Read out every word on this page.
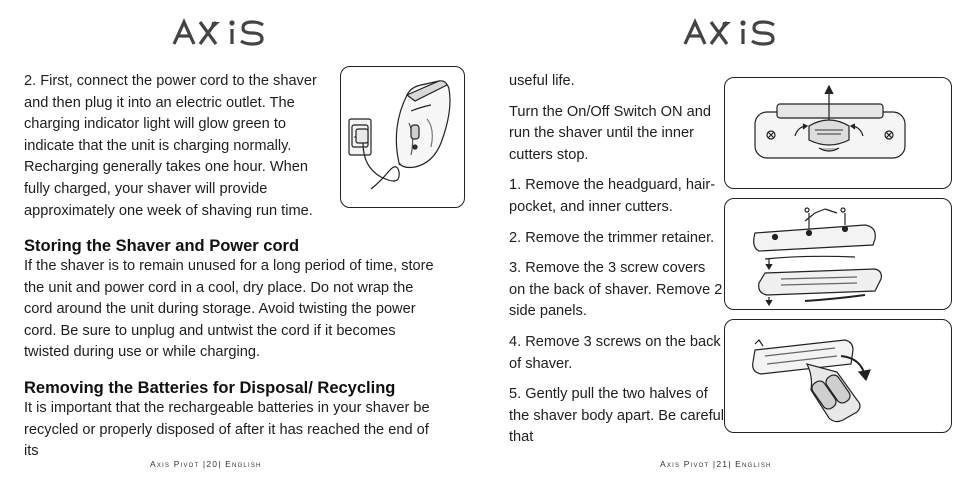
2. First, connect the power cord to the shaver and then plug it into an electric outlet. The charging indicator light will glow green to indicate that the unit is charging normally. Recharging generally takes one hour. When fully charged, your shaver will provide approximately one week of shaving run time.

Storing the Shaver and Power cord

If the shaver is to remain unused for a long period of time, store the unit and power cord in a cool, dry place. Do not wrap the cord around the unit during storage. Avoid twisting the power cord. Be sure to unplug and untwist the cord if it becomes twisted during use or while charging.

Removing the Batteries for Disposal/ Recycling

It is important that the rechargeable batteries in your shaver be recycled or properly disposed of after it has reached the end of its

Axis Pivot |20| English

useful life.

Turn the On/Off Switch ON and run the shaver until the inner cutters stop.

1. Remove the headguard, hair-pocket, and inner cutters.

2. Remove the trimmer retainer.

3. Remove the 3 screw covers on the back of shaver. Remove 2 side panels.

4. Remove 3 screws on the back of shaver.

5. Gently pull the two halves of the shaver body apart. Be careful that

Axis Pivot |21| English
